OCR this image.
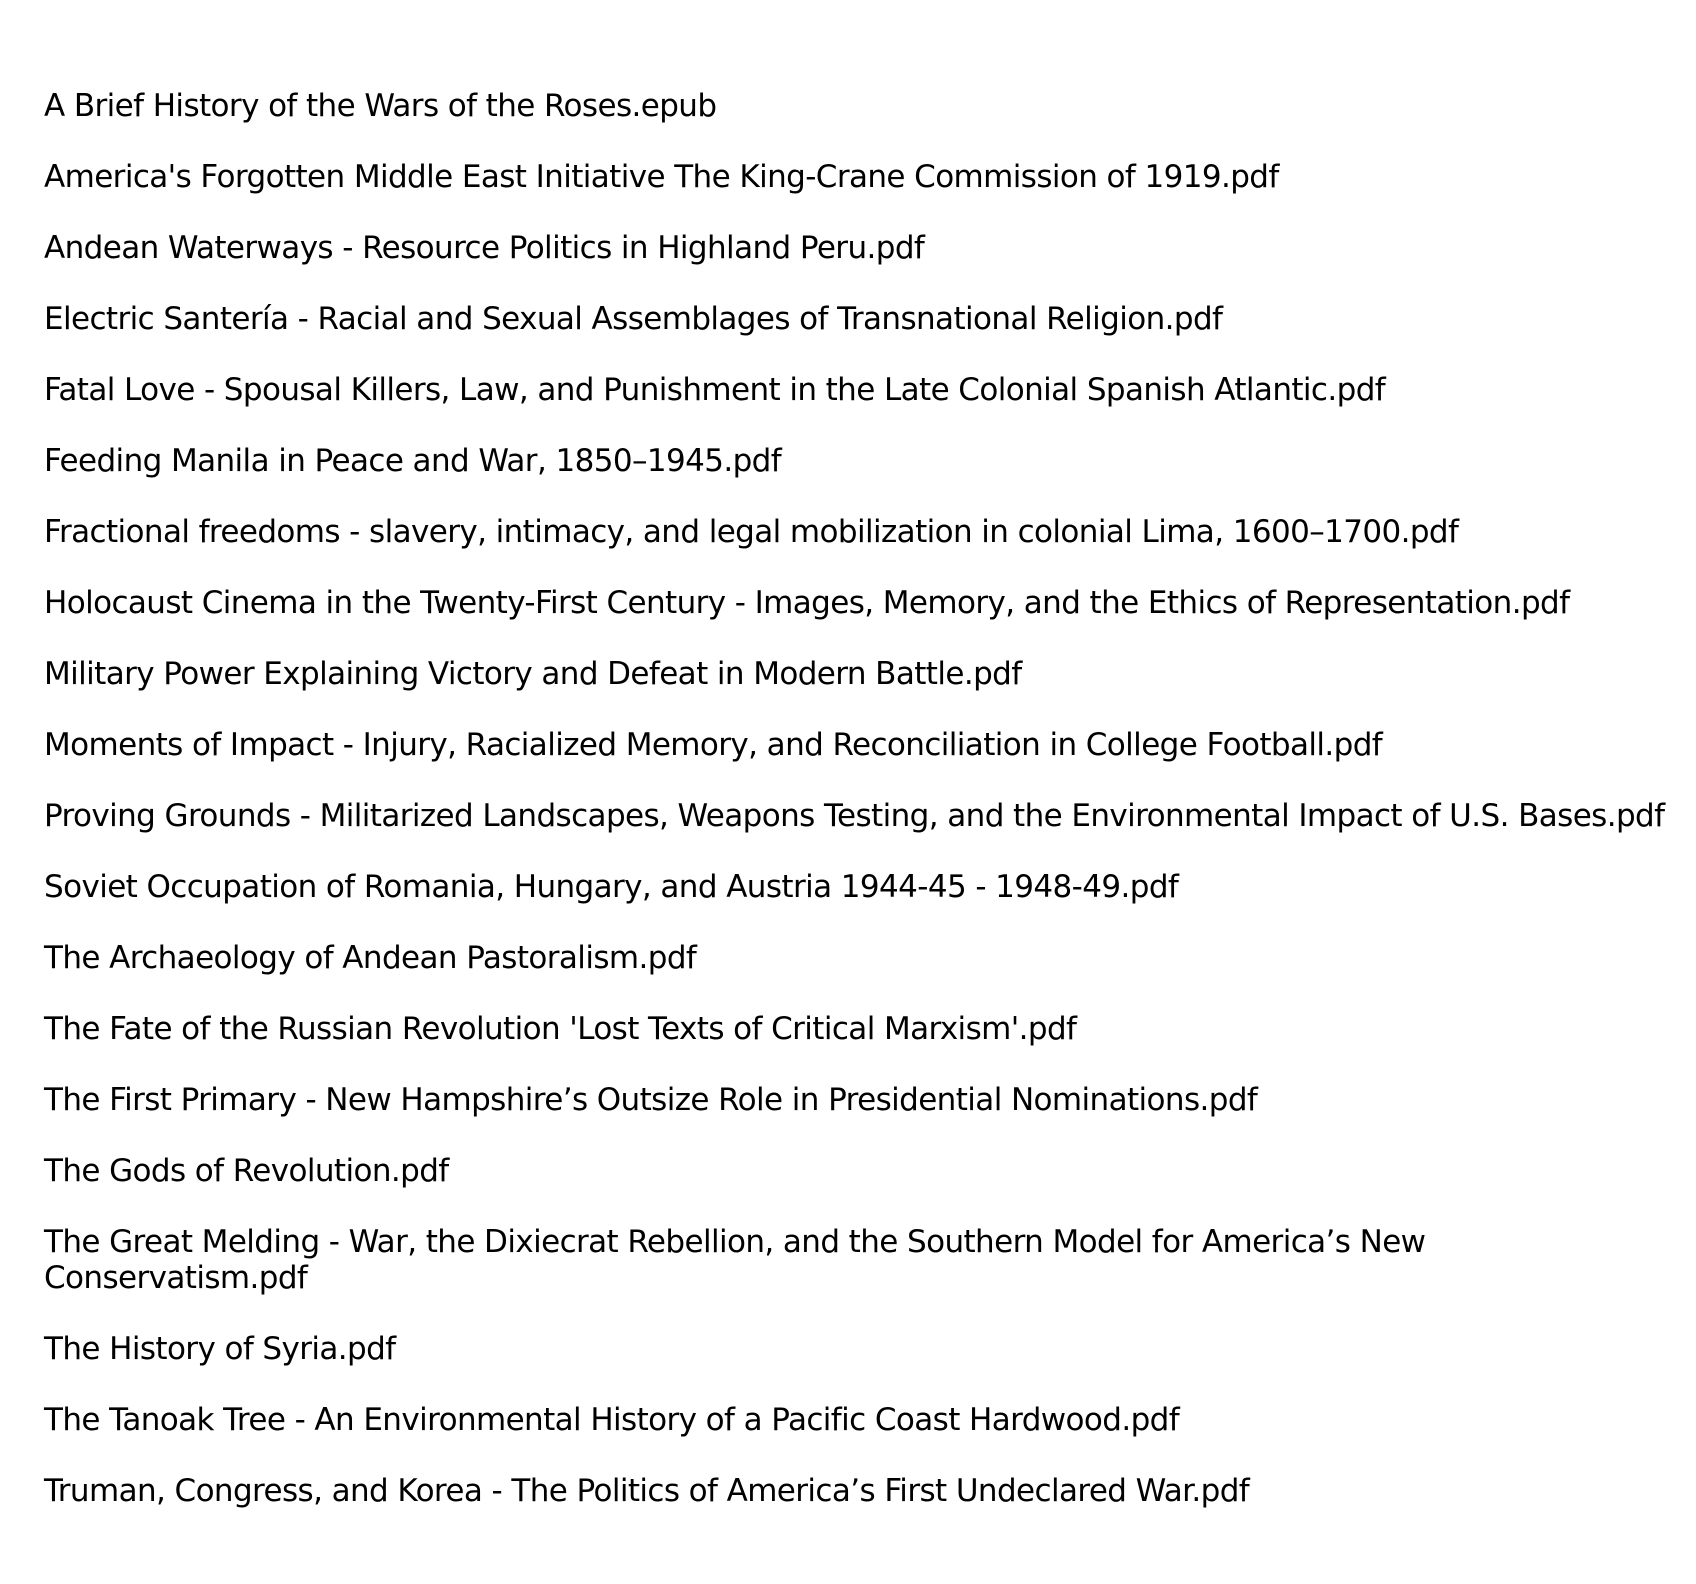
A Brief History of the Wars of the Roses.epub
America's Forgotten Middle East Initiative The King-Crane Commission of 1919.pdf
Andean Waterways - Resource Politics in Highland Peru.pdf
Electric Santería - Racial and Sexual Assemblages of Transnational Religion.pdf
Fatal Love - Spousal Killers, Law, and Punishment in the Late Colonial Spanish Atlantic.pdf
Feeding Manila in Peace and War, 1850–1945.pdf
Fractional freedoms - slavery, intimacy, and legal mobilization in colonial Lima, 1600–1700.pdf
Holocaust Cinema in the Twenty-First Century - Images, Memory, and the Ethics of Representation.pdf
Military Power Explaining Victory and Defeat in Modern Battle.pdf
Moments of Impact - Injury, Racialized Memory, and Reconciliation in College Football.pdf
Proving Grounds - Militarized Landscapes, Weapons Testing, and the Environmental Impact of U.S. Bases.pdf
Soviet Occupation of Romania, Hungary, and Austria 1944-45 - 1948-49.pdf
The Archaeology of Andean Pastoralism.pdf
The Fate of the Russian Revolution 'Lost Texts of Critical Marxism'.pdf
The First Primary - New Hampshire’s Outsize Role in Presidential Nominations.pdf
The Gods of Revolution.pdf
The Great Melding - War, the Dixiecrat Rebellion, and the Southern Model for America’s New Conservatism.pdf
The History of Syria.pdf
The Tanoak Tree - An Environmental History of a Pacific Coast Hardwood.pdf
Truman, Congress, and Korea - The Politics of America’s First Undeclared War.pdf
